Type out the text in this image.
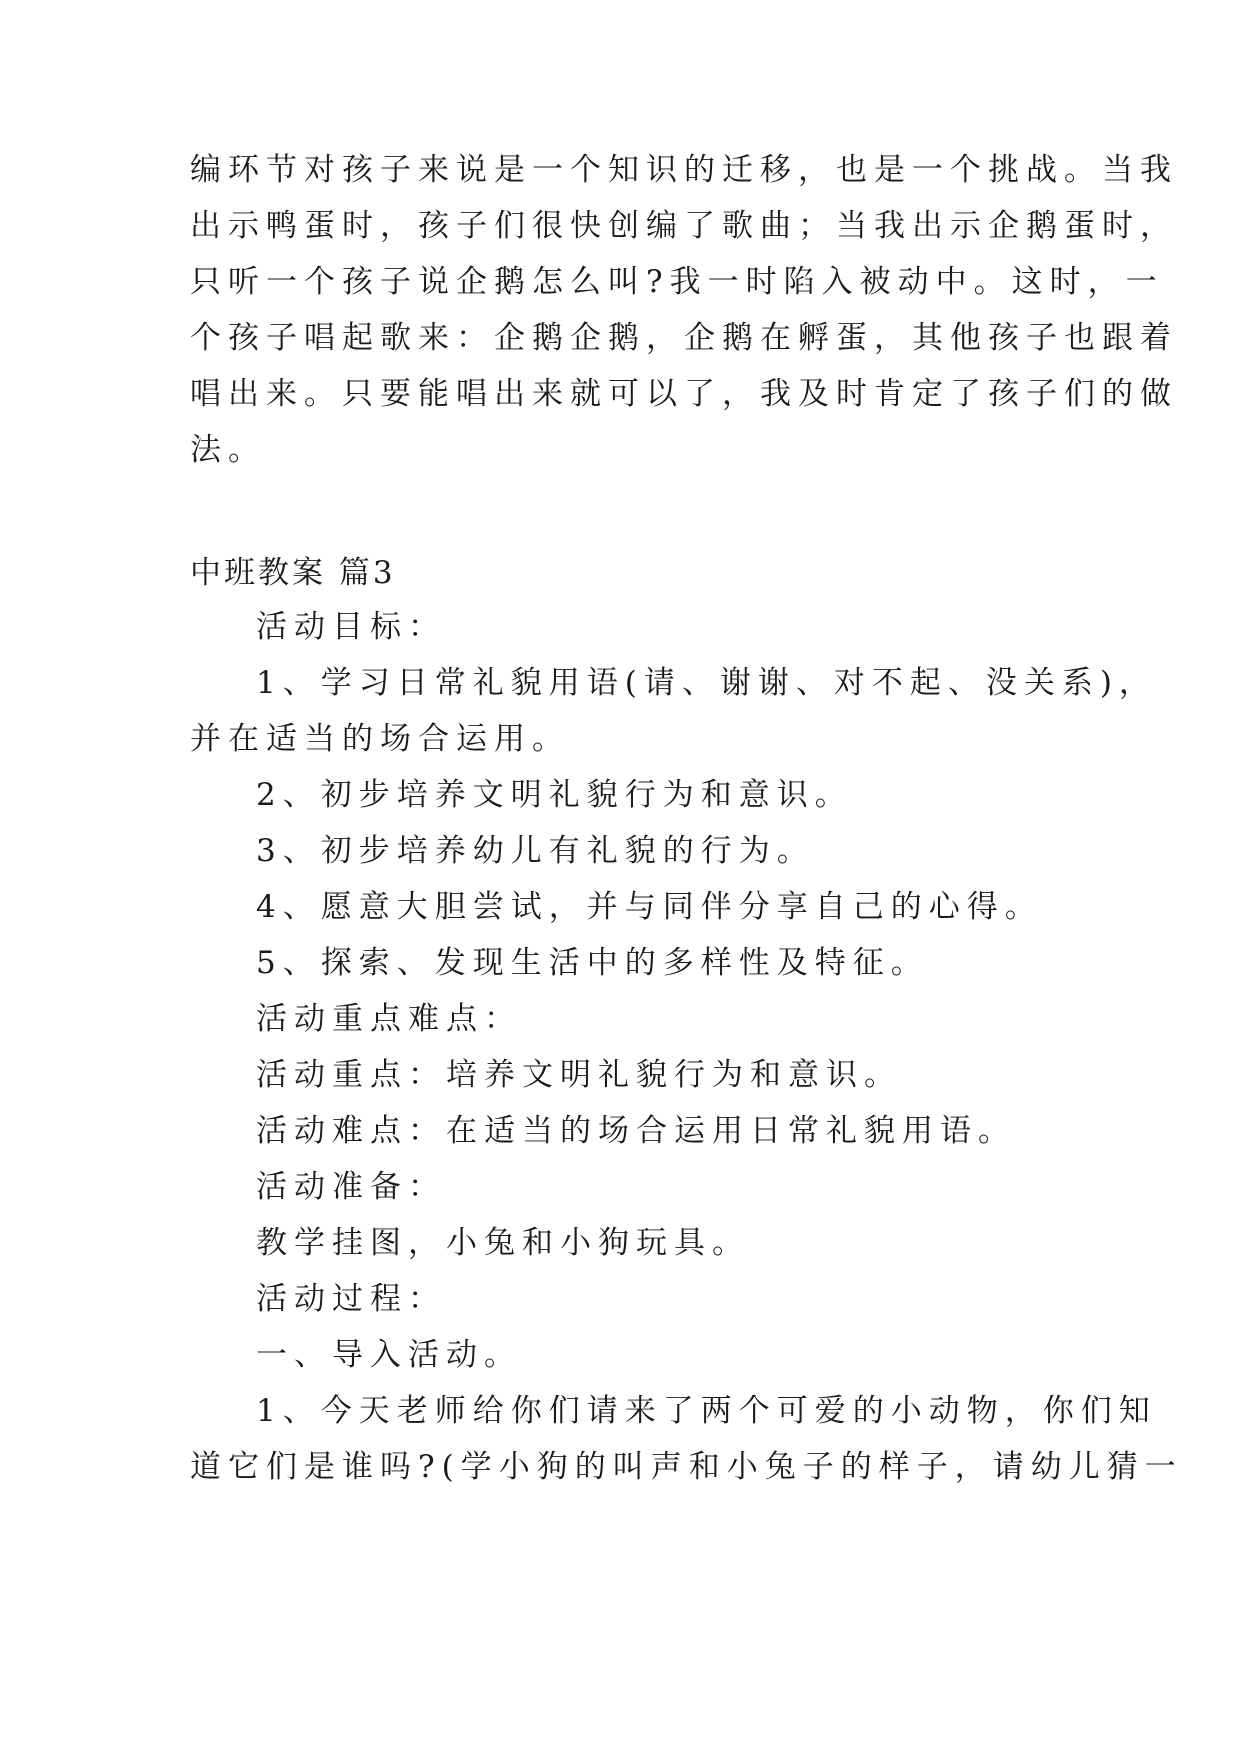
编环节对孩子来说是一个知识的迁移，也是一个挑战。当我
出示鸭蛋时，孩子们很快创编了歌曲；当我出示企鹅蛋时，
只听一个孩子说企鹅怎么叫?我一时陷入被动中。这时，一
个孩子唱起歌来：企鹅企鹅，企鹅在孵蛋，其他孩子也跟着
唱出来。只要能唱出来就可以了，我及时肯定了孩子们的做
法。
中班教案 篇3
活动目标：
1、学习日常礼貌用语(请、谢谢、对不起、没关系)，
并在适当的场合运用。
2、初步培养文明礼貌行为和意识。
3、初步培养幼儿有礼貌的行为。
4、愿意大胆尝试，并与同伴分享自己的心得。
5、探索、发现生活中的多样性及特征。
活动重点难点：
活动重点：培养文明礼貌行为和意识。
活动难点：在适当的场合运用日常礼貌用语。
活动准备：
教学挂图，小兔和小狗玩具。
活动过程：
一、导入活动。
1、今天老师给你们请来了两个可爱的小动物，你们知
道它们是谁吗?(学小狗的叫声和小兔子的样子，请幼儿猜一
